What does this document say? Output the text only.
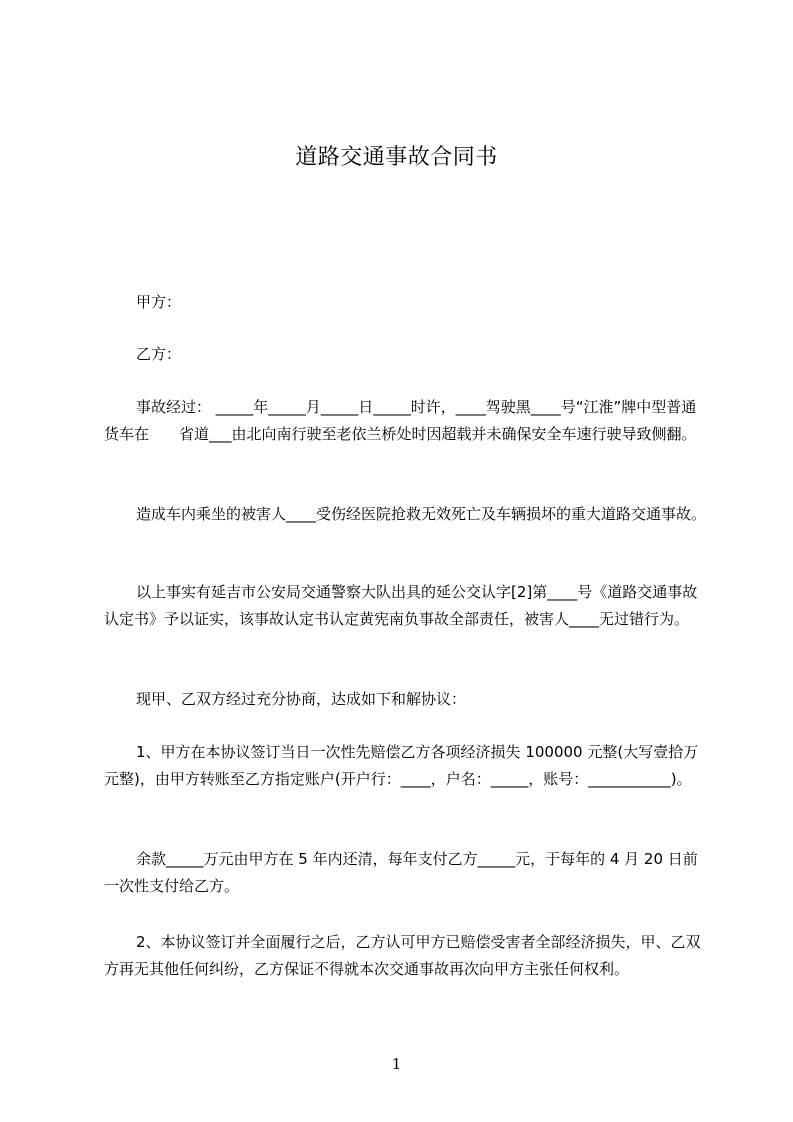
道路交通事故合同书

甲方：

乙方：

事故经过： _____年_____月_____日_____时许，____驾驶黑____号“江淮”牌中型普通货车在　　省道___由北向南行驶至老依兰桥处时因超载并未确保安全车速行驶导致侧翻。

造成车内乘坐的被害人____受伤经医院抢救无效死亡及车辆损坏的重大道路交通事故。

以上事实有延吉市公安局交通警察大队出具的延公交认字[2]第____号《道路交通事故认定书》予以证实，该事故认定书认定黄宪南负事故全部责任，被害人____无过错行为。

现甲、乙双方经过充分协商，达成如下和解协议：

1、甲方在本协议签订当日一次性先赔偿乙方各项经济损失 100000 元整(大写壹拾万元整)，由甲方转账至乙方指定账户(开户行：____，户名：_____，账号：___________)。

余款_____万元由甲方在 5 年内还清，每年支付乙方_____元，于每年的 4 月 20 日前一次性支付给乙方。

2、本协议签订并全面履行之后，乙方认可甲方已赔偿受害者全部经济损失，甲、乙双方再无其他任何纠纷，乙方保证不得就本次交通事故再次向甲方主张任何权利。

1
